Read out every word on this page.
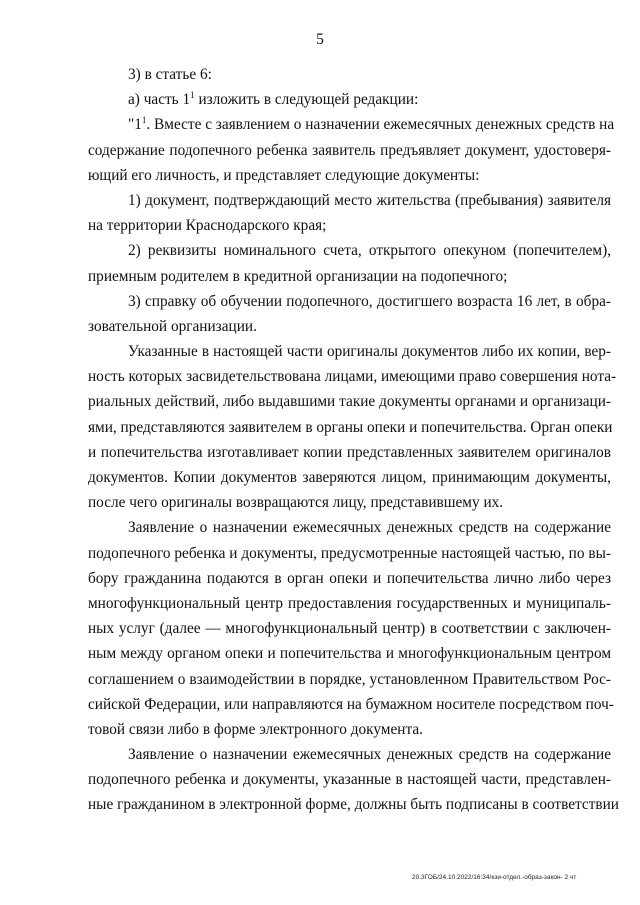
5

3) в статье 6:

а) часть $1^1$ изложить в следующей редакции:

"$1^1$. Вместе с заявлением о назначении ежемесячных денежных средств на

содержание подопечного ребенка заявитель предъявляет документ, удостоверя-

ющий его личность, и представляет следующие документы:

1) документ, подтверждающий место жительства (пребывания) заявителя

на территории Краснодарского края;

2) реквизиты номинального счета, открытого опекуном (попечителем),

приемным родителем в кредитной организации на подопечного;

3) справку об обучении подопечного, достигшего возраста 16 лет, в обра-

зовательной организации.

Указанные в настоящей части оригиналы документов либо их копии, вер-

ность которых засвидетельствована лицами, имеющими право совершения нота-

риальных действий, либо выдавшими такие документы органами и организаци-

ями, представляются заявителем в органы опеки и попечительства. Орган опеки

и попечительства изготавливает копии представленных заявителем оригиналов

документов. Копии документов заверяются лицом, принимающим документы,

после чего оригиналы возвращаются лицу, представившему их.

Заявление о назначении ежемесячных денежных средств на содержание

подопечного ребенка и документы, предусмотренные настоящей частью, по вы-

бору гражданина подаются в орган опеки и попечительства лично либо через

многофункциональный центр предоставления государственных и муниципаль-

ных услуг (далее — многофункциональный центр) в соответствии с заключен-

ным между органом опеки и попечительства и многофункциональным центром

соглашением о взаимодействии в порядке, установленном Правительством Рос-

сийской Федерации, или направляются на бумажном носителе посредством поч-

товой связи либо в форме электронного документа.

Заявление о назначении ежемесячных денежных средств на содержание

подопечного ребенка и документы, указанные в настоящей части, представлен-

ные гражданином в электронной форме, должны быть подписаны в соответствии

20.3ГОБ/24.10.2022/16:34/кзи-отдел.-образ-закон- 2 чт
